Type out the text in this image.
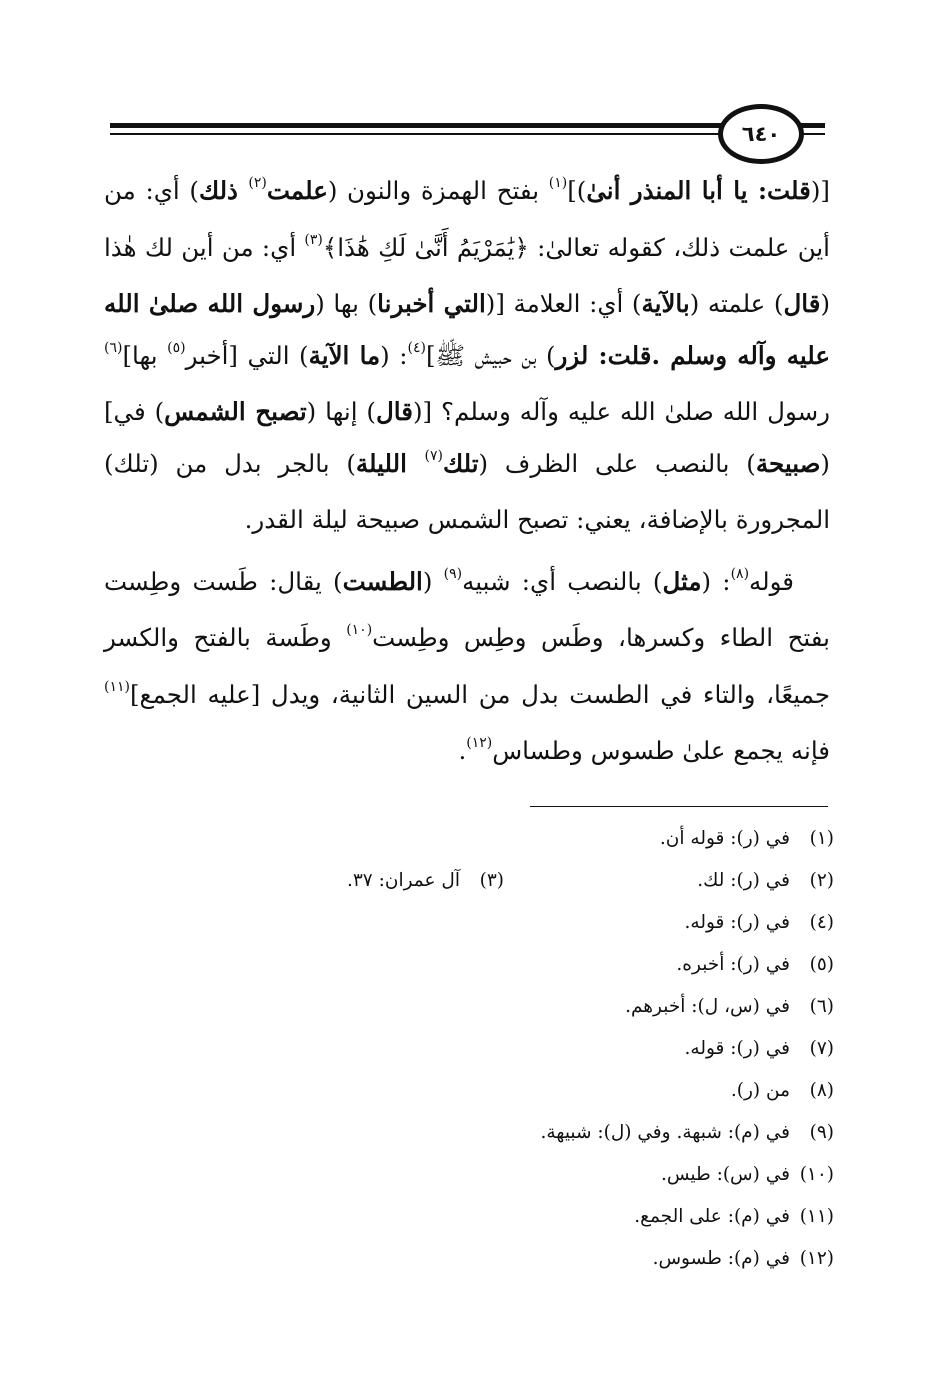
٦٤٠

[(قلت: يا أبا المنذر أنىٰ)]$^{(١)}$ بفتح الهمزة والنون (علمت$^{(٢)}$ ذلك) أي: من أين علمت ذلك، كقوله تعالىٰ: ﴿يَٰمَرْيَمُ أَنَّىٰ لَكِ هَٰذَا﴾$^{(٣)}$ أي: من أين لك هٰذا (قال) علمته (بالآية) أي: العلامة [(التي أخبرنا) بها (رسول الله صلىٰ الله عليه وآله وسلم .قلت: لزر) بن حبيش ﷺ]$^{(٤)}$: (ما الآية) التي [أخبر$^{(٥)}$ بها]$^{(٦)}$ رسول الله صلىٰ الله عليه وآله وسلم؟ [(قال) إنها (تصبح الشمس) في] (صبيحة) بالنصب على الظرف (تلك$^{(٧)}$ الليلة) بالجر بدل من (تلك) المجرورة بالإضافة، يعني: تصبح الشمس صبيحة ليلة القدر.

قوله$^{(٨)}$: (مثل) بالنصب أي: شبيه$^{(٩)}$ (الطست) يقال: طَست وطِست بفتح الطاء وكسرها، وطَس وطِس وطِست$^{(١٠)}$ وطَسة بالفتح والكسر جميعًا، والتاء في الطست بدل من السين الثانية، ويدل [عليه الجمع]$^{(١١)}$ فإنه يجمع علىٰ طسوس وطساس$^{(١٢)}$.

(١)
في (ر): قوله أن.
(٢)
في (ر): لك.
(٣)
آل عمران: ٣٧.
(٤)
في (ر): قوله.
(٥)
في (ر): أخبره.
(٦)
في (س، ل): أخبرهم.
(٧)
في (ر): قوله.
(٨)
من (ر).
(٩)
في (م): شبهة. وفي (ل): شبيهة.
(١٠)
في (س): طيس.
(١١)
في (م): على الجمع.
(١٢)
في (م): طسوس.
